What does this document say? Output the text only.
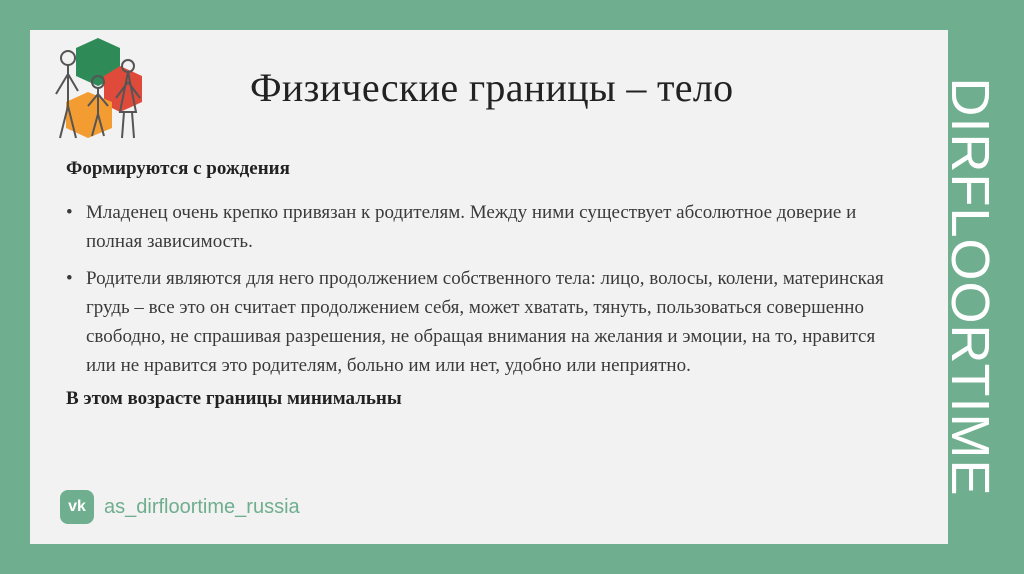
Физические границы – тело
Формируются с рождения
• Младенец очень крепко привязан к родителям. Между ними существует абсолютное доверие и полная зависимость.
• Родители являются для него продолжением собственного тела: лицо, волосы, колени, материнская грудь – все это он считает продолжением себя, может хватать, тянуть, пользоваться совершенно свободно, не спрашивая разрешения, не обращая внимания на желания и эмоции, на то, нравится или не нравится это родителям, больно им или нет, удобно или неприятно.
В этом возрасте границы минимальны
vk as_dirfloortime_russia
DIRFLOORTIME
